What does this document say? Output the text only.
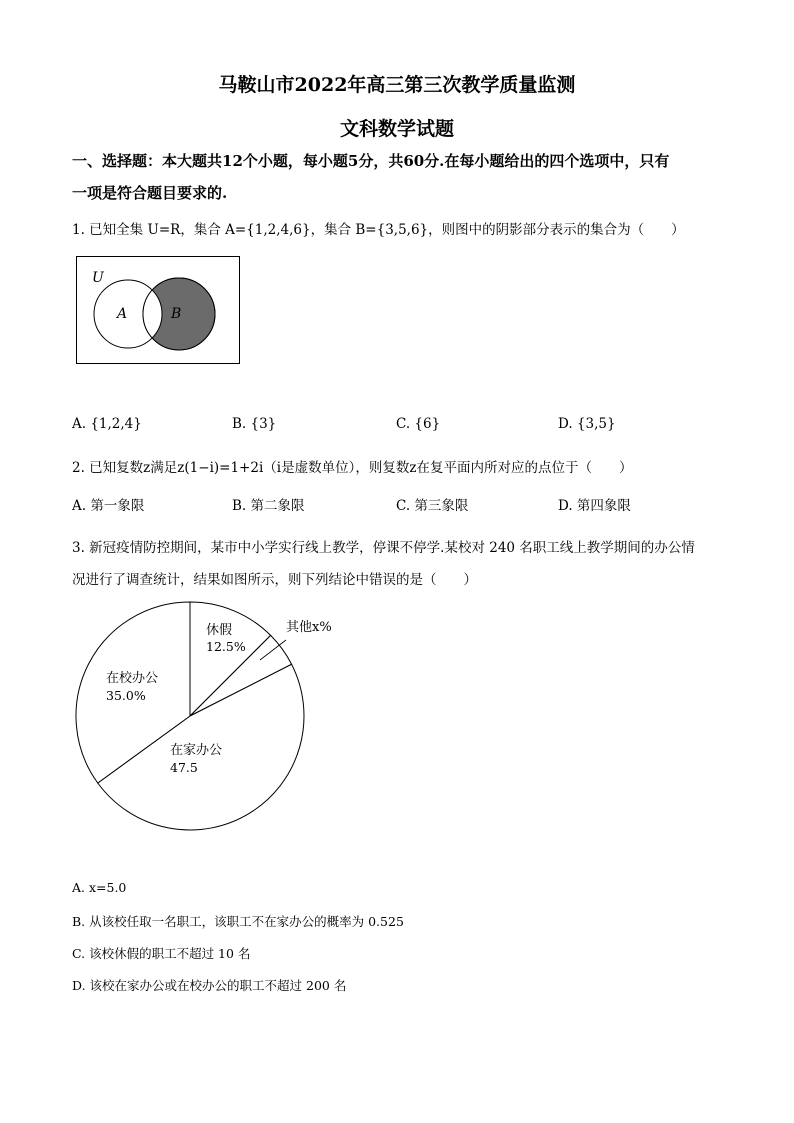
马鞍山市2022年高三第三次教学质量监测
文科数学试题
一、选择题：本大题共12个小题，每小题5分，共60分.在每小题给出的四个选项中，只有
一项是符合题目要求的.
1. 已知全集 U=R，集合 A={1,2,4,6}，集合 B={3,5,6}，则图中的阴影部分表示的集合为（　　）
U
A	B
A. {1,2,4}	B. {3}	C. {6}	D. {3,5}
2. 已知复数z满足z(1−i)=1+2i（i是虚数单位），则复数z在复平面内所对应的点位于（　　）
A. 第一象限	B. 第二象限	C. 第三象限	D. 第四象限
3. 新冠疫情防控期间，某市中小学实行线上教学，停课不停学.某校对 240 名职工线上教学期间的办公情
况进行了调查统计，结果如图所示，则下列结论中错误的是（　　）
休假
12.5%
其他x%
在家办公
47.5
在校办公
35.0%
A. x=5.0
B. 从该校任取一名职工，该职工不在家办公的概率为 0.525
C. 该校休假的职工不超过 10 名
D. 该校在家办公或在校办公的职工不超过 200 名
